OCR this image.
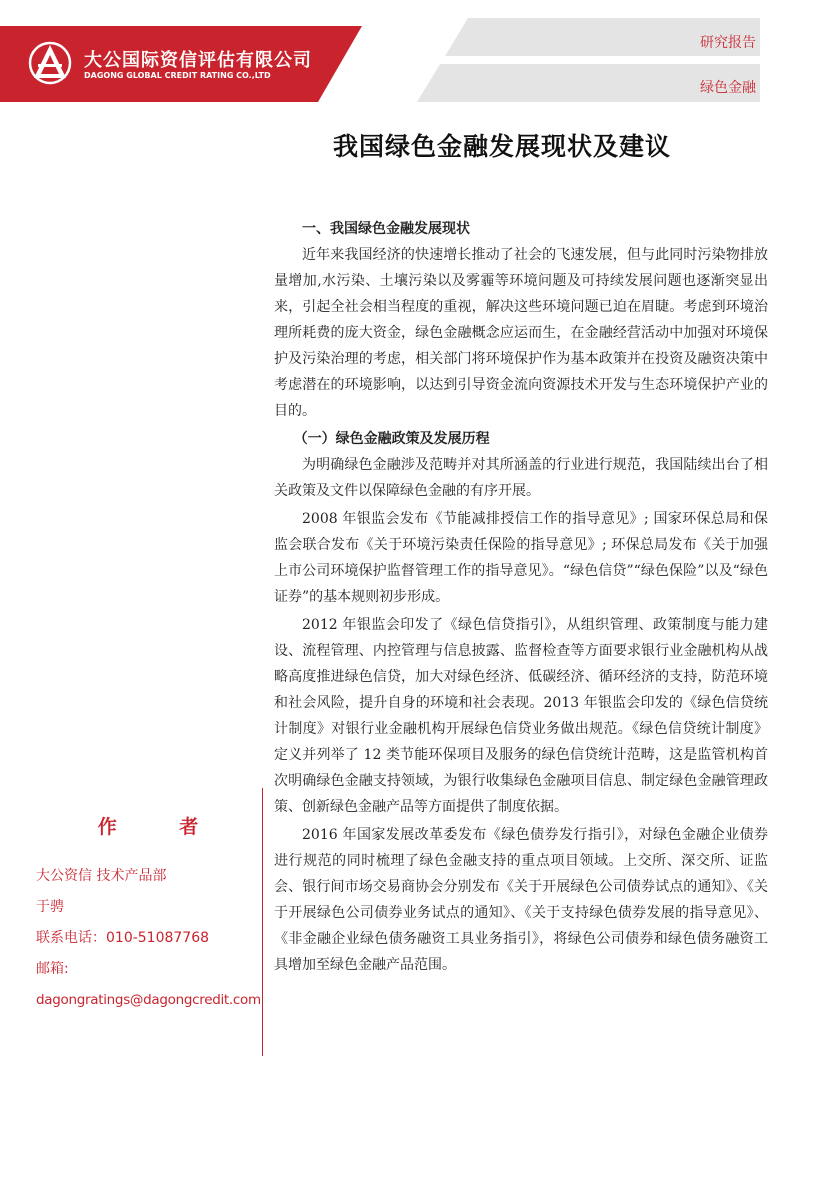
大公国际资信评估有限公司
DAGONG GLOBAL CREDIT RATING CO.,LTD
研究报告
绿色金融
我国绿色金融发展现状及建议
一、我国绿色金融发展现状

近年来我国经济的快速增长推动了社会的飞速发展，但与此同时污染物排放量增加,水污染、土壤污染以及雾霾等环境问题及可持续发展问题也逐渐突显出来，引起全社会相当程度的重视，解决这些环境问题已迫在眉睫。考虑到环境治理所耗费的庞大资金，绿色金融概念应运而生，在金融经营活动中加强对环境保护及污染治理的考虑，相关部门将环境保护作为基本政策并在投资及融资决策中考虑潜在的环境影响，以达到引导资金流向资源技术开发与生态环境保护产业的目的。

（一）绿色金融政策及发展历程

为明确绿色金融涉及范畴并对其所涵盖的行业进行规范，我国陆续出台了相关政策及文件以保障绿色金融的有序开展。

2008 年银监会发布《节能减排授信工作的指导意见》; 国家环保总局和保监会联合发布《关于环境污染责任保险的指导意见》; 环保总局发布《关于加强上市公司环境保护监督管理工作的指导意见》。“绿色信贷”“绿色保险”以及“绿色证券”的基本规则初步形成。

2012 年银监会印发了《绿色信贷指引》，从组织管理、政策制度与能力建设、流程管理、内控管理与信息披露、监督检查等方面要求银行业金融机构从战略高度推进绿色信贷，加大对绿色经济、低碳经济、循环经济的支持，防范环境和社会风险，提升自身的环境和社会表现。2013 年银监会印发的《绿色信贷统计制度》对银行业金融机构开展绿色信贷业务做出规范。《绿色信贷统计制度》定义并列举了 12 类节能环保项目及服务的绿色信贷统计范畴，这是监管机构首次明确绿色金融支持领域，为银行收集绿色金融项目信息、制定绿色金融管理政策、创新绿色金融产品等方面提供了制度依据。

2016 年国家发展改革委发布《绿色债券发行指引》，对绿色金融企业债券进行规范的同时梳理了绿色金融支持的重点项目领域。上交所、深交所、证监会、银行间市场交易商协会分别发布《关于开展绿色公司债券试点的通知》、《关于开展绿色公司债券业务试点的通知》、《关于支持绿色债券发展的指导意见》、《非金融企业绿色债务融资工具业务指引》，将绿色公司债券和绿色债务融资工具增加至绿色金融产品范围。

作 者
大公资信 技术产品部
于骋
联系电话：010-51087768
邮箱:
dagongratings@dagongcredit.com
